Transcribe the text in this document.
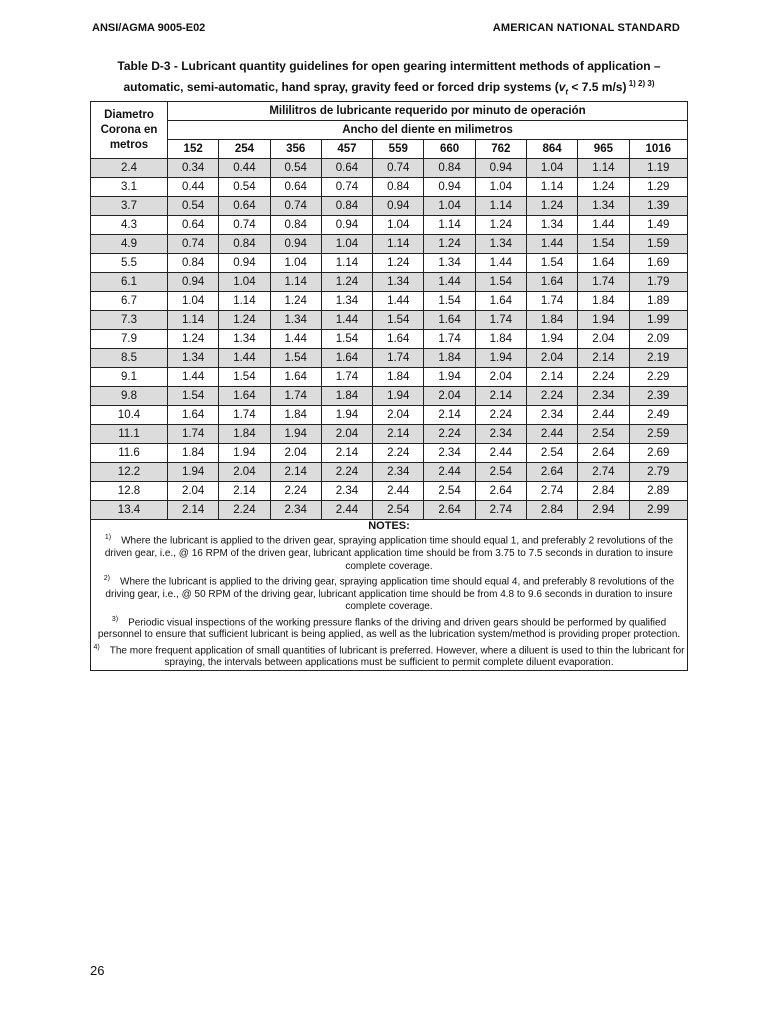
ANSI/AGMA 9005-E02	AMERICAN NATIONAL STANDARD
Table D-3 - Lubricant quantity guidelines for open gearing intermittent methods of application –
automatic, semi-automatic, hand spray, gravity feed or forced drip systems ($v_t < 7.5$ m/s) $^{1) 2) 3)}$
Diametro
Corona en
metros	Mililitros de lubricante requerido por minuto de operación									
	Ancho del diente en milimetros									
	152	254	356	457	559	660	762	864	965	1016
2.4	0.34	0.44	0.54	0.64	0.74	0.84	0.94	1.04	1.14	1.19
3.1	0.44	0.54	0.64	0.74	0.84	0.94	1.04	1.14	1.24	1.29
3.7	0.54	0.64	0.74	0.84	0.94	1.04	1.14	1.24	1.34	1.39
4.3	0.64	0.74	0.84	0.94	1.04	1.14	1.24	1.34	1.44	1.49
4.9	0.74	0.84	0.94	1.04	1.14	1.24	1.34	1.44	1.54	1.59
5.5	0.84	0.94	1.04	1.14	1.24	1.34	1.44	1.54	1.64	1.69
6.1	0.94	1.04	1.14	1.24	1.34	1.44	1.54	1.64	1.74	1.79
6.7	1.04	1.14	1.24	1.34	1.44	1.54	1.64	1.74	1.84	1.89
7.3	1.14	1.24	1.34	1.44	1.54	1.64	1.74	1.84	1.94	1.99
7.9	1.24	1.34	1.44	1.54	1.64	1.74	1.84	1.94	2.04	2.09
8.5	1.34	1.44	1.54	1.64	1.74	1.84	1.94	2.04	2.14	2.19
9.1	1.44	1.54	1.64	1.74	1.84	1.94	2.04	2.14	2.24	2.29
9.8	1.54	1.64	1.74	1.84	1.94	2.04	2.14	2.24	2.34	2.39
10.4	1.64	1.74	1.84	1.94	2.04	2.14	2.24	2.34	2.44	2.49
11.1	1.74	1.84	1.94	2.04	2.14	2.24	2.34	2.44	2.54	2.59
11.6	1.84	1.94	2.04	2.14	2.24	2.34	2.44	2.54	2.64	2.69
12.2	1.94	2.04	2.14	2.24	2.34	2.44	2.54	2.64	2.74	2.79
12.8	2.04	2.14	2.24	2.34	2.44	2.54	2.64	2.74	2.84	2.89
13.4	2.14	2.24	2.34	2.44	2.54	2.64	2.74	2.84	2.94	2.99

NOTES:
$^{1)}$  Where the lubricant is applied to the driven gear, spraying application time should equal 1, and preferably 2 revolutions of the driven gear, i.e., @ 16 RPM of the driven gear, lubricant application time should be from 3.75 to 7.5 seconds in duration to insure complete coverage.
$^{2)}$  Where the lubricant is applied to the driving gear, spraying application time should equal 4, and preferably 8 revolutions of the driving gear, i.e., @ 50 RPM of the driving gear, lubricant application time should be from 4.8 to 9.6 seconds in duration to insure complete coverage.
$^{3)}$  Periodic visual inspections of the working pressure flanks of the driving and driven gears should be performed by qualified personnel to ensure that sufficient lubricant is being applied, as well as the lubrication system/method is providing proper protection.
$^{4)}$  The more frequent application of small quantities of lubricant is preferred. However, where a diluent is used to thin the lubricant for spraying, the intervals between applications must be sufficient to permit complete diluent evaporation.										
26
